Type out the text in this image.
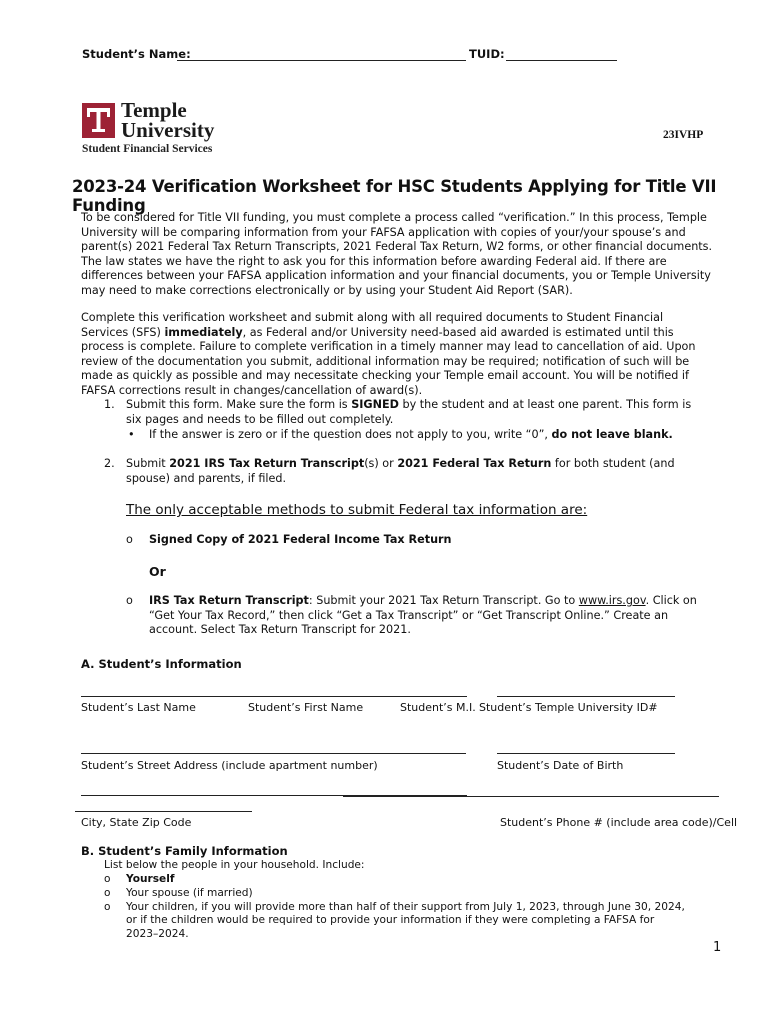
Student’s Name:	TUID:
Temple
University
Student Financial Services
23IVHP
2023-24 Verification Worksheet for HSC Students Applying for Title VII Funding
To be considered for Title VII funding, you must complete a process called “verification.” In this process, Temple University will be comparing information from your FAFSA application with copies of your/your spouse’s and parent(s) 2021 Federal Tax Return Transcripts, 2021 Federal Tax Return, W2 forms, or other financial documents. The law states we have the right to ask you for this information before awarding Federal aid. If there are differences between your FAFSA application information and your financial documents, you or Temple University may need to make corrections electronically or by using your Student Aid Report (SAR).
Complete this verification worksheet and submit along with all required documents to Student Financial Services (SFS) immediately, as Federal and/or University need-based aid awarded is estimated until this process is complete. Failure to complete verification in a timely manner may lead to cancellation of aid. Upon review of the documentation you submit, additional information may be required; notification of such will be made as quickly as possible and may necessitate checking your Temple email account. You will be notified if FAFSA corrections result in changes/cancellation of award(s).
1. Submit this form. Make sure the form is SIGNED by the student and at least one parent. This form is six pages and needs to be filled out completely.
• If the answer is zero or if the question does not apply to you, write “0”, do not leave blank.
2. Submit 2021 IRS Tax Return Transcript(s) or 2021 Federal Tax Return for both student (and spouse) and parents, if filed.
The only acceptable methods to submit Federal tax information are:
o Signed Copy of 2021 Federal Income Tax Return
Or
o IRS Tax Return Transcript: Submit your 2021 Tax Return Transcript. Go to www.irs.gov. Click on “Get Your Tax Record,” then click “Get a Tax Transcript” or “Get Transcript Online.” Create an account. Select Tax Return Transcript for 2021.
A. Student’s Information
Student’s Last Name	Student’s First Name	Student’s M.I. Student’s Temple University ID#
Student’s Street Address (include apartment number)	Student’s Date of Birth
City, State Zip Code	Student’s Phone # (include area code)/Cell
B. Student’s Family Information
List below the people in your household. Include:
o Yourself
o Your spouse (if married)
o Your children, if you will provide more than half of their support from July 1, 2023, through June 30, 2024, or if the children would be required to provide your information if they were completing a FAFSA for 2023–2024.
1
